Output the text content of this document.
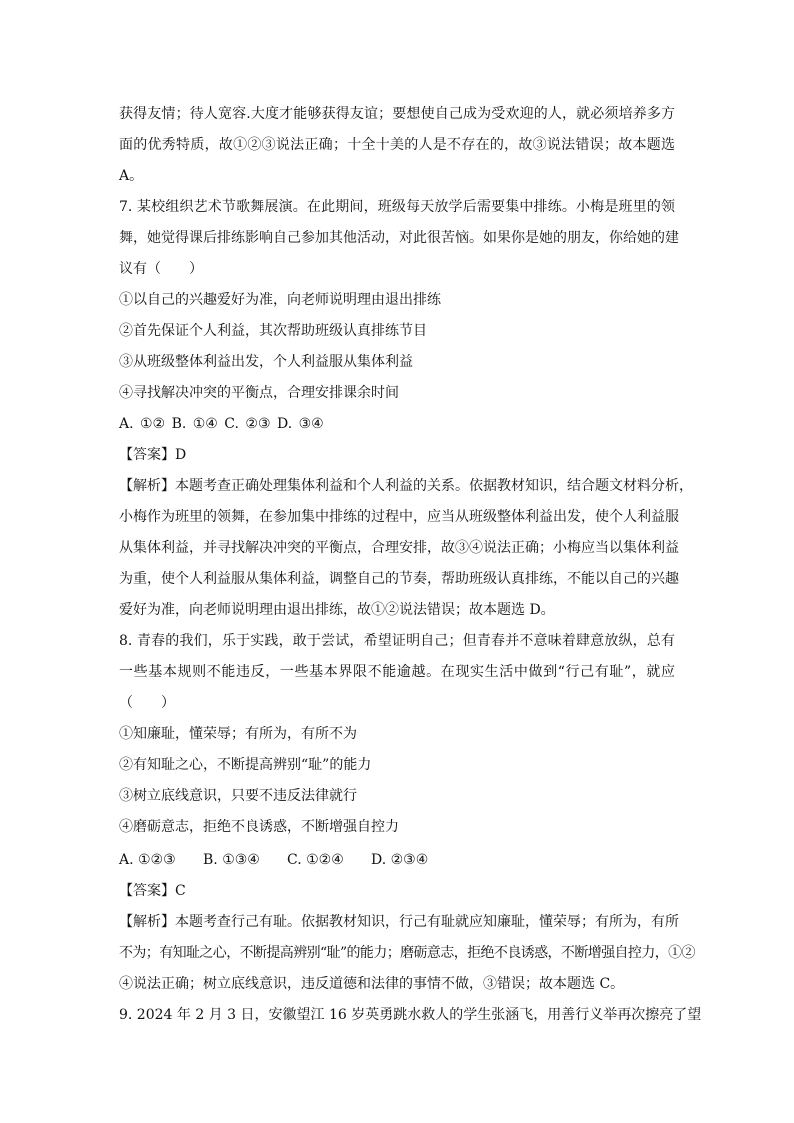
获得友情；待人宽容.大度才能够获得友谊；要想使自己成为受欢迎的人，就必须培养多方
面的优秀特质，故①②③说法正确；十全十美的人是不存在的，故③说法错误；故本题选
A。
7. 某校组织艺术节歌舞展演。在此期间，班级每天放学后需要集中排练。小梅是班里的领
舞，她觉得课后排练影响自己参加其他活动，对此很苦恼。如果你是她的朋友，你给她的建
议有（　　）
①以自己的兴趣爱好为准，向老师说明理由退出排练
②首先保证个人利益，其次帮助班级认真排练节目
③从班级整体利益出发，个人利益服从集体利益
④寻找解决冲突的平衡点，合理安排课余时间
A. ①② B. ①④ C. ②③ D. ③④
【答案】D
【解析】本题考查正确处理集体利益和个人利益的关系。依据教材知识，结合题文材料分析，
小梅作为班里的领舞，在参加集中排练的过程中，应当从班级整体利益出发，使个人利益服
从集体利益，并寻找解决冲突的平衡点，合理安排，故③④说法正确；小梅应当以集体利益
为重，使个人利益服从集体利益，调整自己的节奏，帮助班级认真排练，不能以自己的兴趣
爱好为准，向老师说明理由退出排练，故①②说法错误；故本题选 D。
8. 青春的我们，乐于实践，敢于尝试，希望证明自己；但青春并不意味着肆意放纵，总有
一些基本规则不能违反，一些基本界限不能逾越。在现实生活中做到“行己有耻”，就应
（　　）
①知廉耻，懂荣辱；有所为，有所不为
②有知耻之心，不断提高辨别“耻”的能力
③树立底线意识，只要不违反法律就行
④磨砺意志，拒绝不良诱惑，不断增强自控力
A. ①②③ B. ①③④ C. ①②④ D. ②③④
【答案】C
【解析】本题考查行己有耻。依据教材知识，行己有耻就应知廉耻，懂荣辱；有所为，有所
不为；有知耻之心，不断提高辨别“耻”的能力；磨砺意志，拒绝不良诱惑，不断增强自控力，①②
④说法正确；树立底线意识，违反道德和法律的事情不做，③错误；故本题选 C。
9. 2024 年 2 月 3 日，安徽望江 16 岁英勇跳水救人的学生张涵飞，用善行义举再次擦亮了望
